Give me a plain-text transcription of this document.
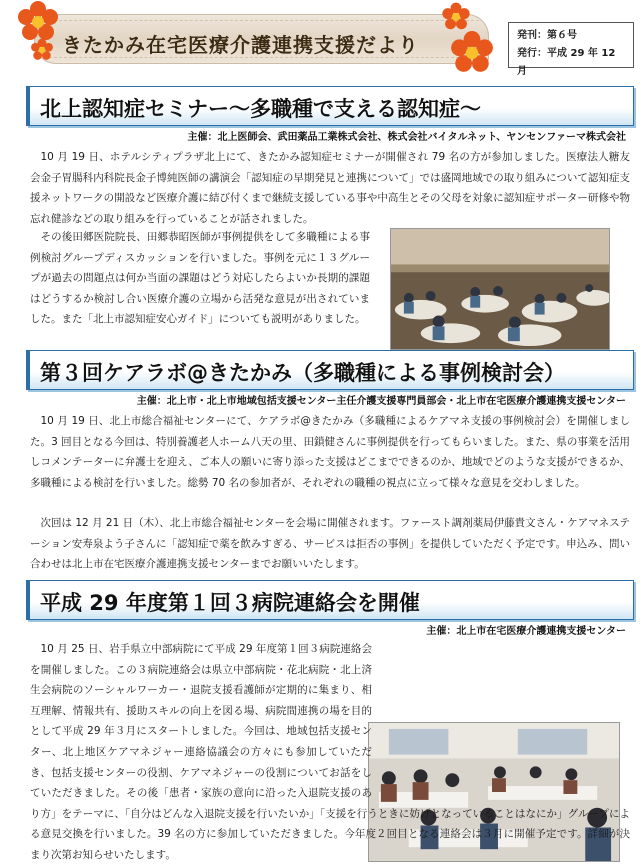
きたかみ在宅医療介護連携支援だより	発刊：第６号
発行：平成 29 年 12 月
北上認知症セミナー〜多職種で支える認知症〜
主催：北上医師会、武田薬品工業株式会社、株式会社バイタルネット、ヤンセンファーマ株式会社
10 月 19 日、ホテルシティプラザ北上にて、きたかみ認知症セミナーが開催され 79 名の方が参加しました。医療法人糖友会金子胃腸科内科院長金子博純医師の講演会「認知症の早期発見と連携について」では盛岡地域での取り組みについて認知症支援ネットワークの開設など医療介護に結び付くまで継続支援している事や中高生とその父母を対象に認知症サポーター研修や物忘れ健診などの取り組みを行っていることが話されました。
その後田郷医院院長、田郷恭昭医師が事例提供をして多職種による事例検討グループディスカッションを行いました。事例を元に１３グループが過去の問題点は何か当面の課題はどう対応したらよいか長期的課題はどうするか検討し合い医療介護の立場から活発な意見が出されていました。また「北上市認知症安心ガイド」についても説明がありました。
第３回ケアラボ@きたかみ（多職種による事例検討会）
主催：北上市・北上市地域包括支援センター主任介護支援専門員部会・北上市在宅医療介護連携支援センター
10 月 19 日、北上市総合福祉センターにて、ケアラボ@きたかみ（多職種によるケアマネ支援の事例検討会）を開催しました。3 回目となる今回は、特別養護老人ホーム八天の里、田鎖健さんに事例提供を行ってもらいました。また、県の事業を活用しコメンテーターに弁護士を迎え、ご本人の願いに寄り添った支援はどこまでできるのか、地域でどのような支援ができるか、多職種による検討を行いました。総勢 70 名の参加者が、それぞれの職種の視点に立って様々な意見を交わしました。
次回は 12 月 21 日（木）、北上市総合福祉センターを会場に開催されます。ファースト調剤薬局伊藤貴文さん・ケアマネステーション安寿泉よう子さんに「認知症で薬を飲みすぎる、サービスは拒否の事例」を提供していただく予定です。申込み、問い合わせは北上市在宅医療介護連携支援センターまでお願いいたします。
平成 29 年度第１回３病院連絡会を開催
主催：北上市在宅医療介護連携支援センター
10 月 25 日、岩手県立中部病院にて平成 29 年度第１回３病院連絡会を開催しました。この３病院連絡会は県立中部病院・花北病院・北上済生会病院のソーシャルワーカー・退院支援看護師が定期的に集まり、相互理解、情報共有、援助スキルの向上を図る場、病院間連携の場を目的として平成 29 年３月にスタートしました。今回は、地域包括支援センター、北上地区ケアマネジャー連絡協議会の方々にも参加していただき、包括支援センターの役割、ケアマネジャーの役割についてお話をしていただきました。その後「患者・家族の意向に沿った入退院支援のあり方」をテーマに、「自分はどんな入退院支援を行いたいか」「支援を行うときに妨げとなっていることはなにか」グループによる意見交換を行いました。39 名の方に参加していただきました。今年度２回目となる連絡会は３月に開催予定です。詳細が決まり次第お知らせいたします。
